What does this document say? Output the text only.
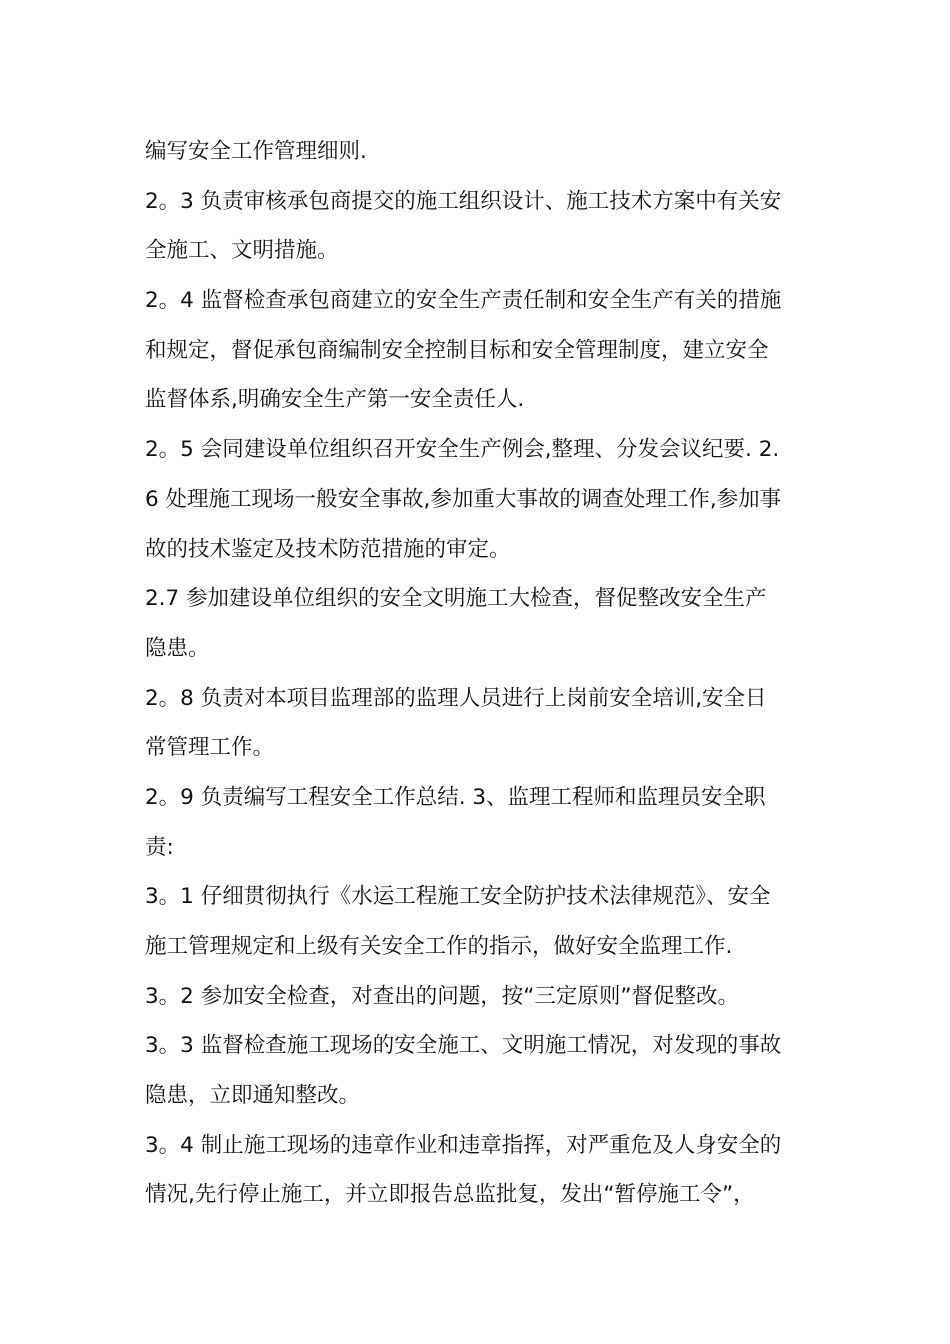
编写安全工作管理细则.
2。3 负责审核承包商提交的施工组织设计、施工技术方案中有关安
全施工、文明措施。
2。4 监督检查承包商建立的安全生产责任制和安全生产有关的措施
和规定，督促承包商编制安全控制目标和安全管理制度，建立安全
监督体系,明确安全生产第一安全责任人.
2。5 会同建设单位组织召开安全生产例会,整理、分发会议纪要. 2.
6 处理施工现场一般安全事故,参加重大事故的调查处理工作,参加事
故的技术鉴定及技术防范措施的审定。
2.7 参加建设单位组织的安全文明施工大检查，督促整改安全生产
隐患。
2。8 负责对本项目监理部的监理人员进行上岗前安全培训,安全日
常管理工作。
2。9 负责编写工程安全工作总结. 3、监理工程师和监理员安全职
责:
3。1 仔细贯彻执行《水运工程施工安全防护技术法律规范》、安全
施工管理规定和上级有关安全工作的指示，做好安全监理工作.
3。2 参加安全检查，对查出的问题，按“三定原则”督促整改。
3。3 监督检查施工现场的安全施工、文明施工情况，对发现的事故
隐患，立即通知整改。
3。4 制止施工现场的违章作业和违章指挥，对严重危及人身安全的
情况,先行停止施工，并立即报告总监批复，发出“暂停施工令”，
